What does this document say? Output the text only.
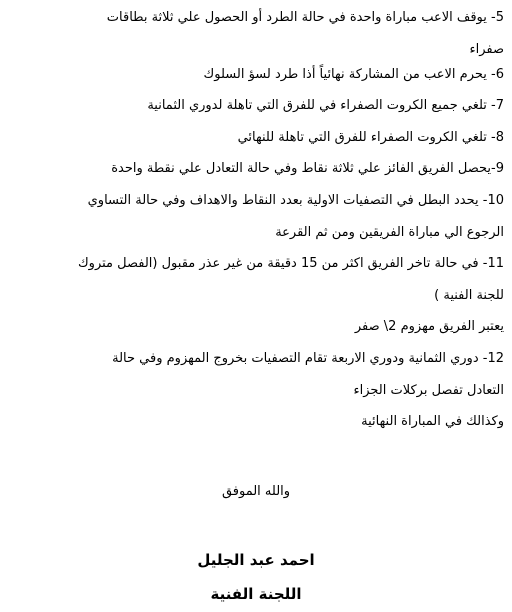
5- يوقف الاعب مباراة واحدة في حالة الطرد أو الحصول علي ثلاثة بطاقات

صفراء

6- يحرم الاعب من المشاركة نهائياً أذا طرد لسؤ السلوك

7- تلغي جميع الكروت الصفراء في للفرق التي تاهلة لدوري الثمانية

8- تلغي الكروت الصفراء للفرق التي تاهلة للنهائي

9-يحصل الفريق الفائز علي ثلاثة نقاط وفي حالة التعادل علي نقطة واحدة

10- يحدد البطل في التصفيات الاولية بعدد النقاط والاهداف وفي حالة التساوي

الرجوع الي مباراة الفريقين ومن ثم القرعة

11- في حالة تاخر الفريق اكثر من 15 دقيقة من غير عذر مقبول (الفصل متروك

للجنة الفنية )

يعتبر الفريق مهزوم 2\ صفر

12- دوري الثمانية ودوري الاربعة تقام التصفيات بخروج المهزوم وفي حالة

التعادل تفصل بركلات الجزاء

وكذالك في المباراة النهائية

والله الموفق
احمد عبد الجليل
اللجنة الفنية
